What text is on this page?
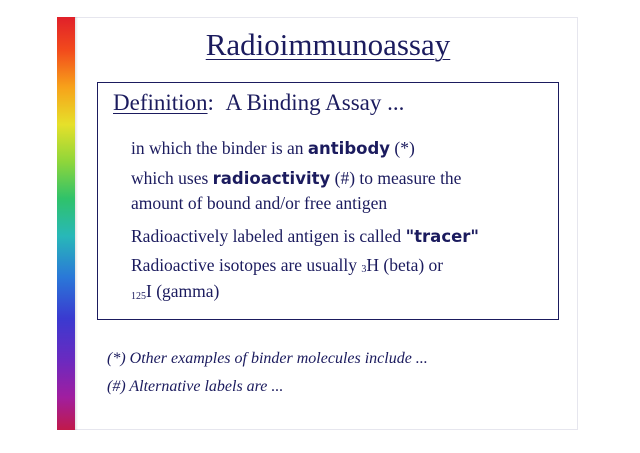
Radioimmunoassay
Definition: A Binding Assay ...
in which the binder is an antibody (*)
which uses radioactivity (#) to measure the
amount of bound and/or free antigen
Radioactively labeled antigen is called "tracer"
Radioactive isotopes are usually 3H (beta) or
$_{125}$I (gamma)
(*) Other examples of binder molecules include ...
(#) Alternative labels are ...
